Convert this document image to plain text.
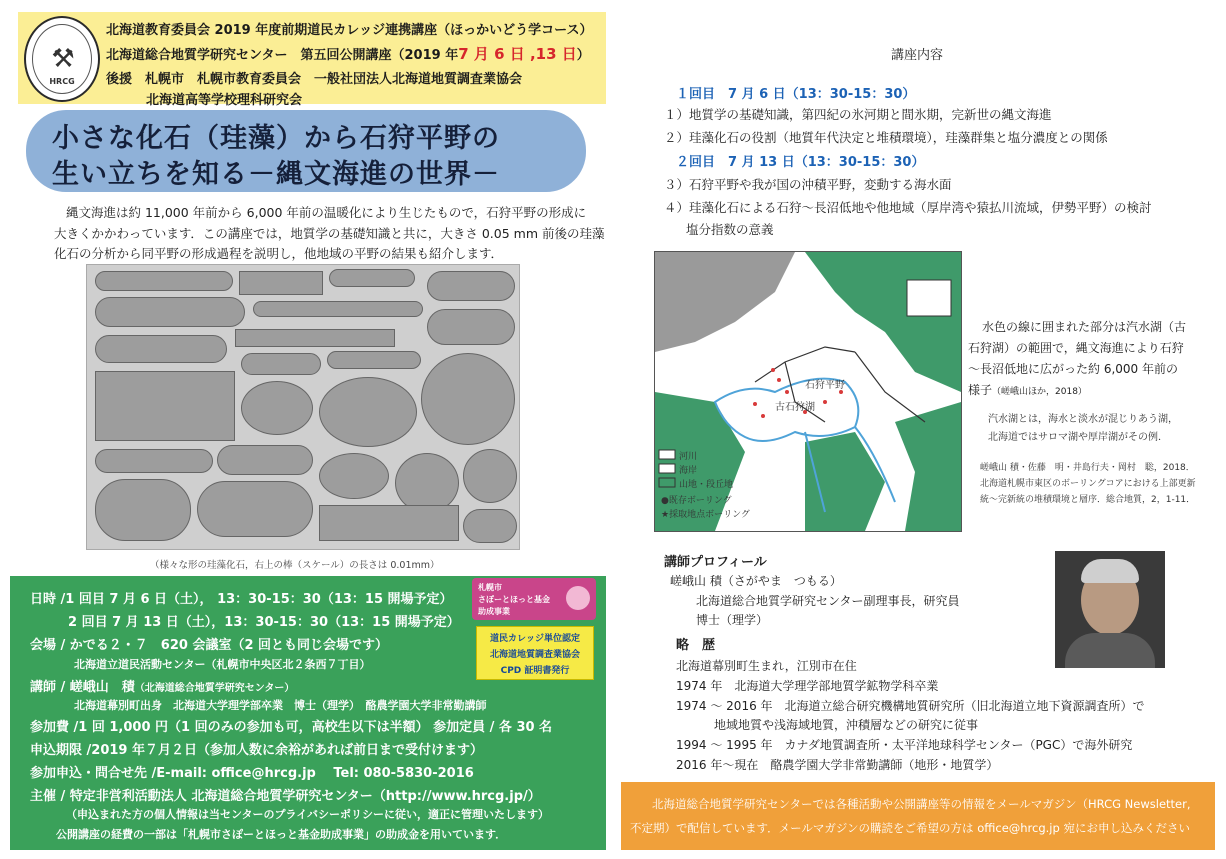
⚒
HRCG
北海道教育委員会 2019 年度前期道民カレッジ連携講座（ほっかいどう学コース）
北海道総合地質学研究センター　第五回公開講座（2019 年7 月 6 日 ,13 日）
後援　札幌市　札幌市教育委員会　一般社団法人北海道地質調査業協会
北海道高等学校理科研究会
小さな化石（珪藻）から石狩平野の
生い立ちを知る－縄文海進の世界－
縄文海進は約 11,000 年前から 6,000 年前の温暖化により生じたもので，石狩平野の形成に
大きくかかわっています．この講座では，地質学の基礎知識と共に，大きさ 0.05 mm 前後の珪藻
化石の分析から同平野の形成過程を説明し，他地域の平野の結果も紹介します．
（様々な形の珪藻化石，右上の棒（スケール）の長さは 0.01mm）
日時 /1 回目 7 月 6 日（土）， 13：30-15：30（13：15 開場予定）
2 回目 7 月 13 日（土），13：30-15：30（13：15 開場予定）
会場 / かでる２・７　620 会議室（2 回とも同じ会場です）
北海道立道民活動センター（札幌市中央区北２条西７丁目）
講師 / 嵯峨山　積（北海道総合地質学研究センター）
北海道幕別町出身　北海道大学理学部卒業　博士（理学）　酪農学園大学非常勤講師
参加費 /1 回 1,000 円（1 回のみの参加も可，高校生以下は半額） 参加定員 / 各 30 名
申込期限 /2019 年７月２日（参加人数に余裕があれば前日まで受付けます）
参加申込・問合せ先 /E-mail: office@hrcg.jp　 Tel: 080-5830-2016
主催 / 特定非営利活動法人 北海道総合地質学研究センター（http://www.hrcg.jp/）
（申込まれた方の個人情報は当センターのプライバシーポリシーに従い，適正に管理いたします）
公開講座の経費の一部は「札幌市さぽーとほっと基金助成事業」の助成金を用いています．
札幌市
さぽーとほっと基金
助成事業
道民カレッジ単位認定
北海道地質調査業協会
CPD 証明書発行
講座内容
１回目　7 月 6 日（13：30-15：30）
１）地質学の基礎知識，第四紀の氷河期と間氷期，完新世の縄文海進
２）珪藻化石の役割（地質年代決定と堆積環境），珪藻群集と塩分濃度との関係
２回目　7 月 13 日（13：30-15：30）
３）石狩平野や我が国の沖積平野，変動する海水面
４）珪藻化石による石狩～長沼低地や他地域（厚岸湾や猿払川流域，伊勢平野）の検討
塩分指数の意義
河川
海岸
山地・段丘地
●既存ボーリング
★採取地点ボーリング
石狩平野
古石狩湖
水色の線に囲まれた部分は汽水湖（古
石狩湖）の範囲で，縄文海進により石狩
～長沼低地に広がった約 6,000 年前の
様子（嵯峨山ほか，2018）
汽水湖とは，海水と淡水が混じりあう湖，
北海道ではサロマ湖や厚岸湖がその例．
嵯峨山 積・佐藤　明・井島行夫・岡村　聡，2018．
北海道札幌市東区のボーリングコアにおける上部更新
統～完新統の堆積環境と層序．総合地質，2，1-11．
講師プロフィール
嵯峨山 積（さがやま　つもる）
北海道総合地質学研究センター副理事長，研究員
博士（理学）
略　歴
北海道幕別町生まれ，江別市在住
1974 年　北海道大学理学部地質学鉱物学科卒業
1974 ～ 2016 年　北海道立総合研究機構地質研究所（旧北海道立地下資源調査所）で
地域地質や浅海域地質，沖積層などの研究に従事
1994 ～ 1995 年　カナダ地質調査所・太平洋地球科学センター（PGC）で海外研究
2016 年～現在　酪農学園大学非常勤講師（地形・地質学）
北海道総合地質学研究センターでは各種活動や公開講座等の情報をメールマガジン（HRCG Newsletter,
不定期）で配信しています．メールマガジンの購読をご希望の方は office@hrcg.jp 宛にお申し込みください
